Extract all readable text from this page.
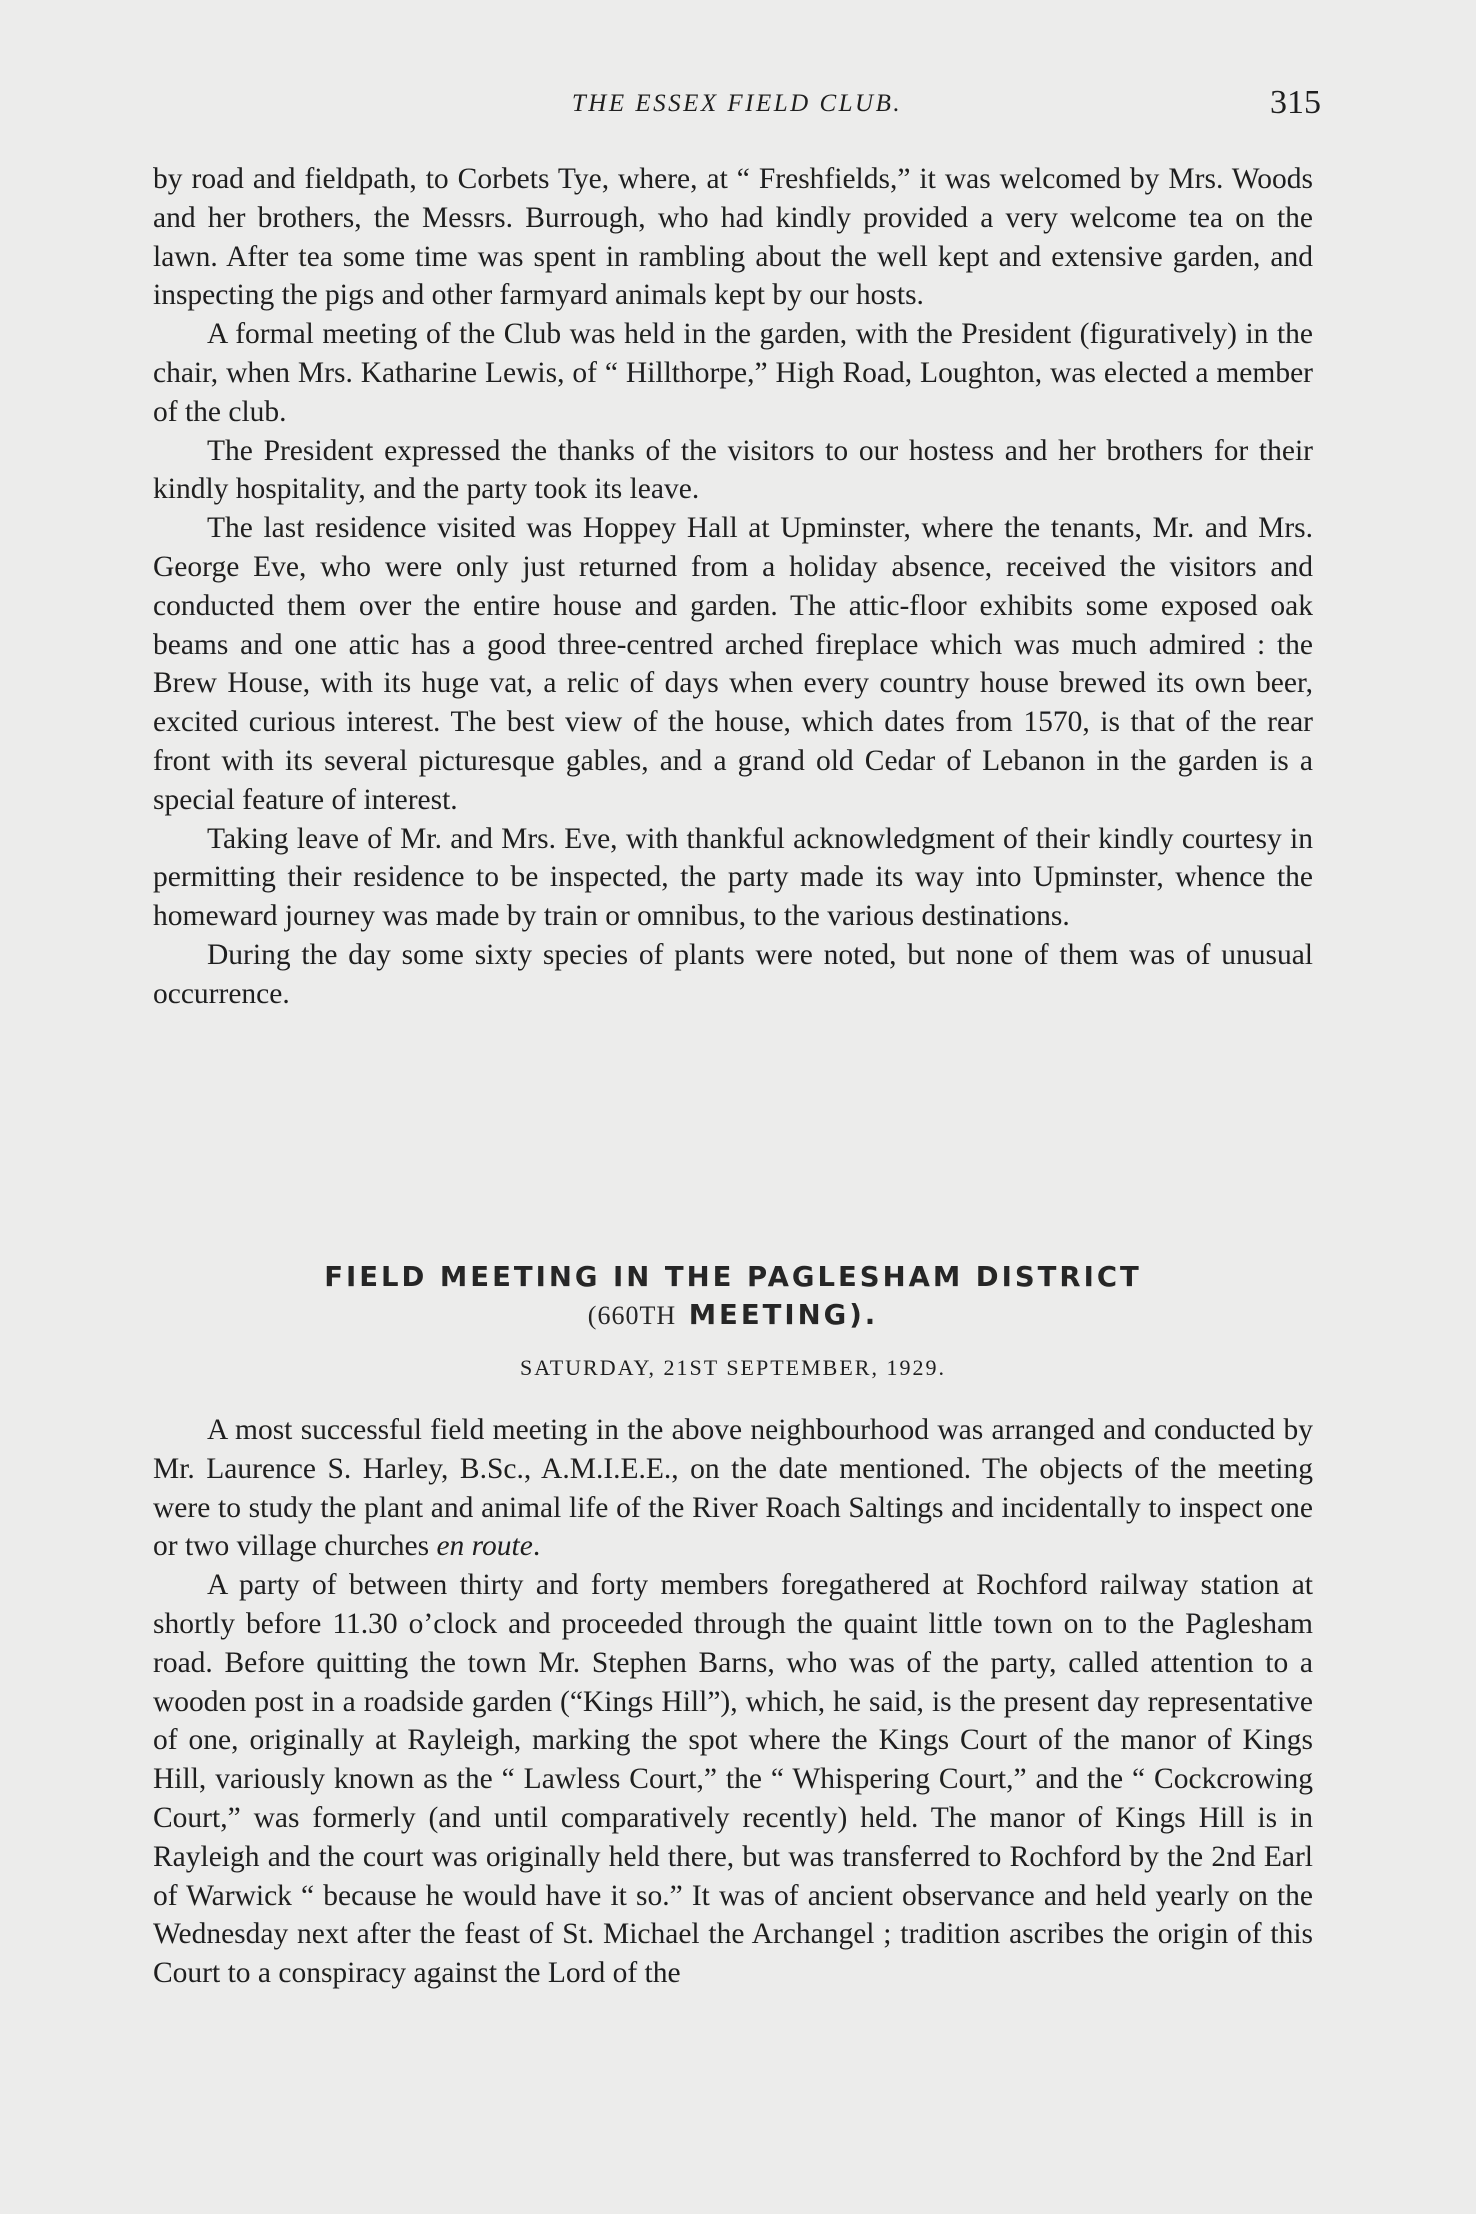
THE ESSEX FIELD CLUB.	315

by road and fieldpath, to Corbets Tye, where, at “ Freshfields,” it was welcomed by Mrs. Woods and her brothers, the Messrs. Burrough, who had kindly provided a very welcome tea on the lawn. After tea some time was spent in rambling about the well kept and extensive garden, and inspecting the pigs and other farmyard animals kept by our hosts.

A formal meeting of the Club was held in the garden, with the President (figuratively) in the chair, when Mrs. Katharine Lewis, of “ Hillthorpe,” High Road, Loughton, was elected a member of the club.

The President expressed the thanks of the visitors to our hostess and her brothers for their kindly hospitality, and the party took its leave.

The last residence visited was Hoppey Hall at Upminster, where the tenants, Mr. and Mrs. George Eve, who were only just returned from a holiday absence, received the visitors and conducted them over the entire house and garden. The attic-floor exhibits some exposed oak beams and one attic has a good three-centred arched fireplace which was much admired : the Brew House, with its huge vat, a relic of days when every country house brewed its own beer, excited curious interest. The best view of the house, which dates from 1570, is that of the rear front with its several picturesque gables, and a grand old Cedar of Lebanon in the garden is a special feature of interest.

Taking leave of Mr. and Mrs. Eve, with thankful acknowledgment of their kindly courtesy in permitting their residence to be inspected, the party made its way into Upminster, whence the homeward journey was made by train or omnibus, to the various destinations.

During the day some sixty species of plants were noted, but none of them was of unusual occurrence.

FIELD MEETING IN THE PAGLESHAM DISTRICT
(660TH MEETING).
SATURDAY, 21ST SEPTEMBER, 1929.

A most successful field meeting in the above neighbourhood was arranged and conducted by Mr. Laurence S. Harley, B.Sc., A.M.I.E.E., on the date mentioned. The objects of the meeting were to study the plant and animal life of the River Roach Saltings and incidentally to inspect one or two village churches en route.

A party of between thirty and forty members foregathered at Rochford railway station at shortly before 11.30 o’clock and proceeded through the quaint little town on to the Paglesham road. Before quitting the town Mr. Stephen Barns, who was of the party, called attention to a wooden post in a roadside garden (“Kings Hill”), which, he said, is the present day representative of one, originally at Rayleigh, marking the spot where the Kings Court of the manor of Kings Hill, variously known as the “ Lawless Court,” the “ Whispering Court,” and the “ Cockcrowing Court,” was formerly (and until comparatively recently) held. The manor of Kings Hill is in Rayleigh and the court was originally held there, but was transferred to Rochford by the 2nd Earl of Warwick “ because he would have it so.” It was of ancient observance and held yearly on the Wednesday next after the feast of St. Michael the Archangel ; tradition ascribes the origin of this Court to a conspiracy against the Lord of the
